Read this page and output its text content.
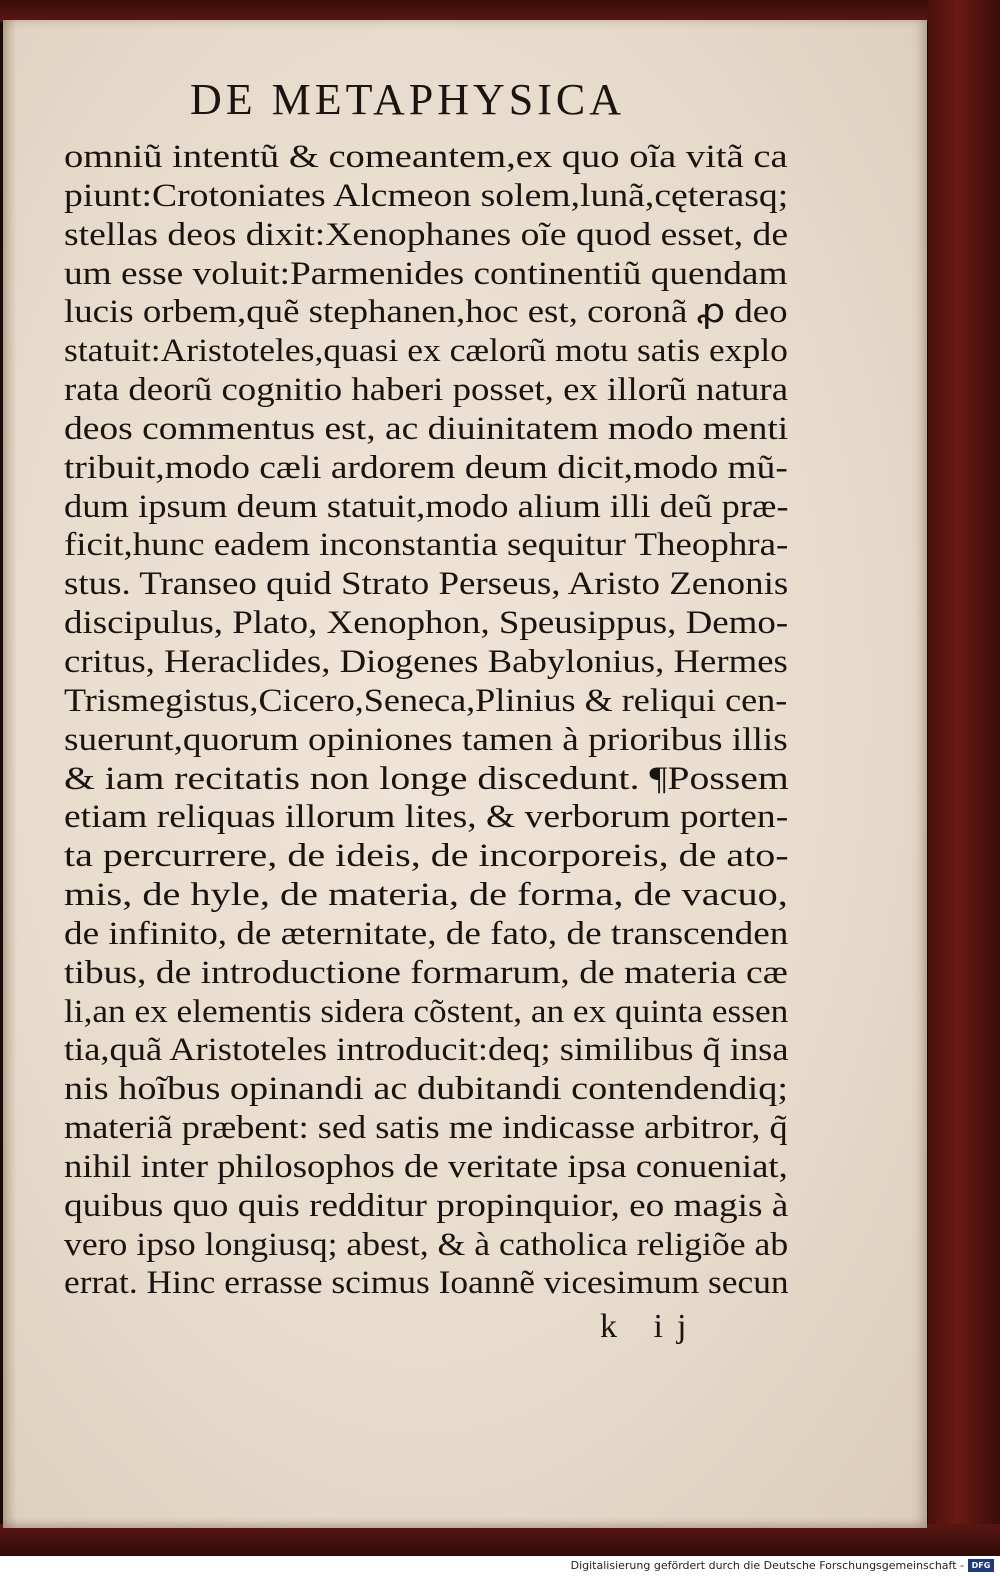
DE METAPHYSICA
omniũ intentũ & comeantem,ex quo oĩa vitã ca
piunt:Crotoniates Alcmeon solem,lunã,cęterasq;
stellas deos dixit:Xenophanes oĩe quod esset, de
um esse voluit:Parmenides continentiũ quendam
lucis orbem,quẽ stephanen,hoc est, coronã ꝓ deo
statuit:Aristoteles,quasi ex cælorũ motu satis explo
rata deorũ cognitio haberi posset, ex illorũ natura
deos commentus est, ac diuinitatem modo menti
tribuit,modo cæli ardorem deum dicit,modo mũ-
dum ipsum deum statuit,modo alium illi deũ præ-
ficit,hunc eadem inconstantia sequitur Theophra-
stus. Transeo quid Strato Perseus, Aristo Zenonis
discipulus, Plato, Xenophon, Speusippus, Demo-
critus, Heraclides, Diogenes Babylonius, Hermes
Trismegistus,Cicero,Seneca,Plinius & reliqui cen-
suerunt,quorum opiniones tamen à prioribus illis
& iam recitatis non longe discedunt. ¶Possem
etiam reliquas illorum lites, & verborum porten-
ta percurrere, de ideis, de incorporeis, de ato-
mis, de hyle, de materia, de forma, de vacuo,
de infinito, de æternitate, de fato, de transcenden
tibus, de introductione formarum, de materia cæ
li,an ex elementis sidera cõstent, an ex quinta essen
tia,quã Aristoteles introducit:deq; similibus q̃ insa
nis hoĩbus opinandi ac dubitandi contendendiq;
materiã præbent: sed satis me indicasse arbitror, q̃
nihil inter philosophos de veritate ipsa conueniat,
quibus quo quis redditur propinquior, eo magis à
vero ipso longiusq; abest, & à catholica religiõe ab
errat. Hinc errasse scimus Ioannẽ vicesimum secun

k ij

Digitalisierung gefördert durch die Deutsche Forschungsgemeinschaft - DFG
